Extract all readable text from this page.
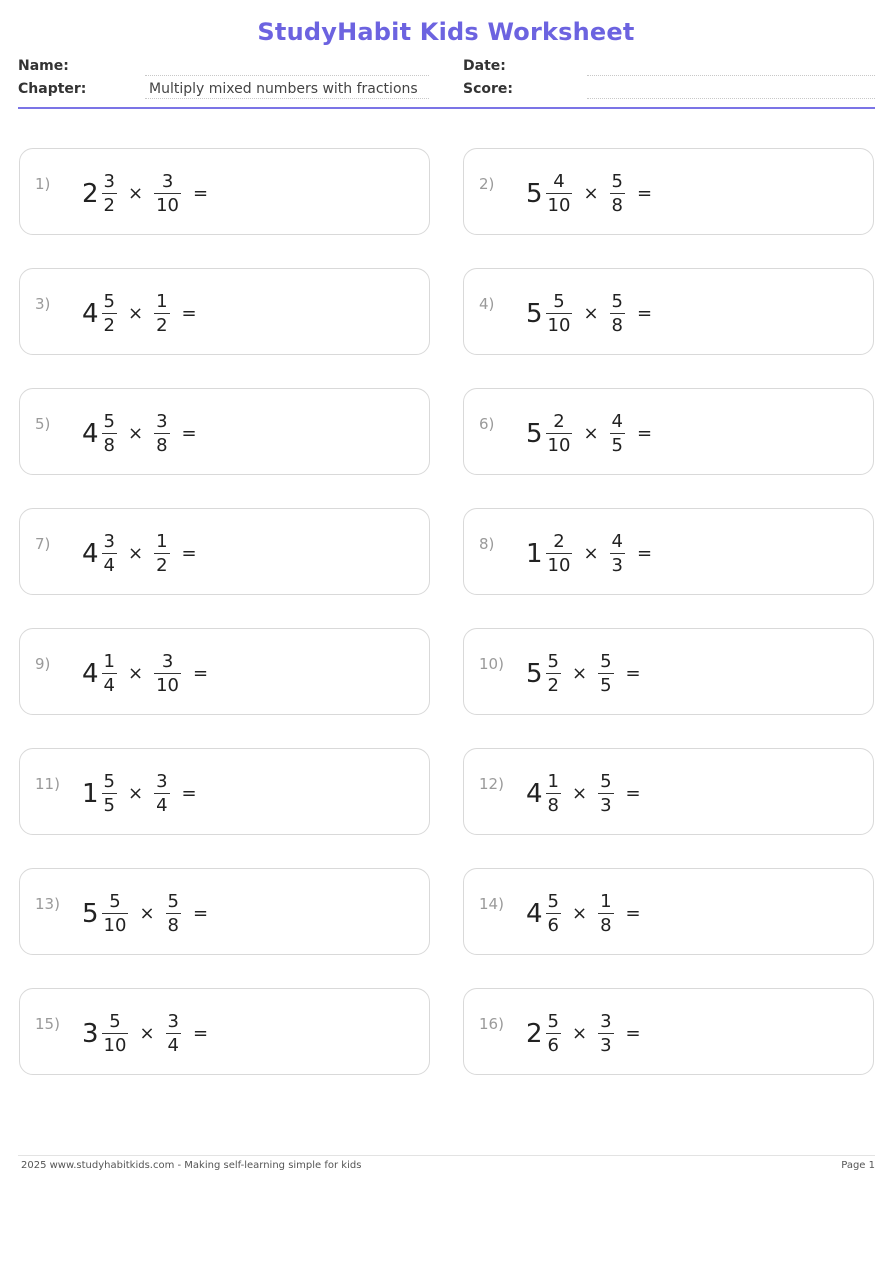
StudyHabit Kids Worksheet
Name:	Date:
Chapter:	Multiply mixed numbers with fractions	Score:
1) $2 \frac{3}{2} \times \frac{3}{10}$ =	2) $5 \frac{4}{10} \times \frac{5}{8}$ =
3) $4 \frac{5}{2} \times \frac{1}{2}$ =	4) $5 \frac{5}{10} \times \frac{5}{8}$ =
5) $4 \frac{5}{8} \times \frac{3}{8}$ =	6) $5 \frac{2}{10} \times \frac{4}{5}$ =
7) $4 \frac{3}{4} \times \frac{1}{2}$ =	8) $1 \frac{2}{10} \times \frac{4}{3}$ =
9) $4 \frac{1}{4} \times \frac{3}{10}$ =	10) $5 \frac{5}{2} \times \frac{5}{5}$ =
11) $1 \frac{5}{5} \times \frac{3}{4}$ =	12) $4 \frac{1}{8} \times \frac{5}{3}$ =
13) $5 \frac{5}{10} \times \frac{5}{8}$ =	14) $4 \frac{5}{6} \times \frac{1}{8}$ =
15) $3 \frac{5}{10} \times \frac{3}{4}$ =	16) $2 \frac{5}{6} \times \frac{3}{3}$ =
2025 www.studyhabitkids.com - Making self-learning simple for kids	Page 1
